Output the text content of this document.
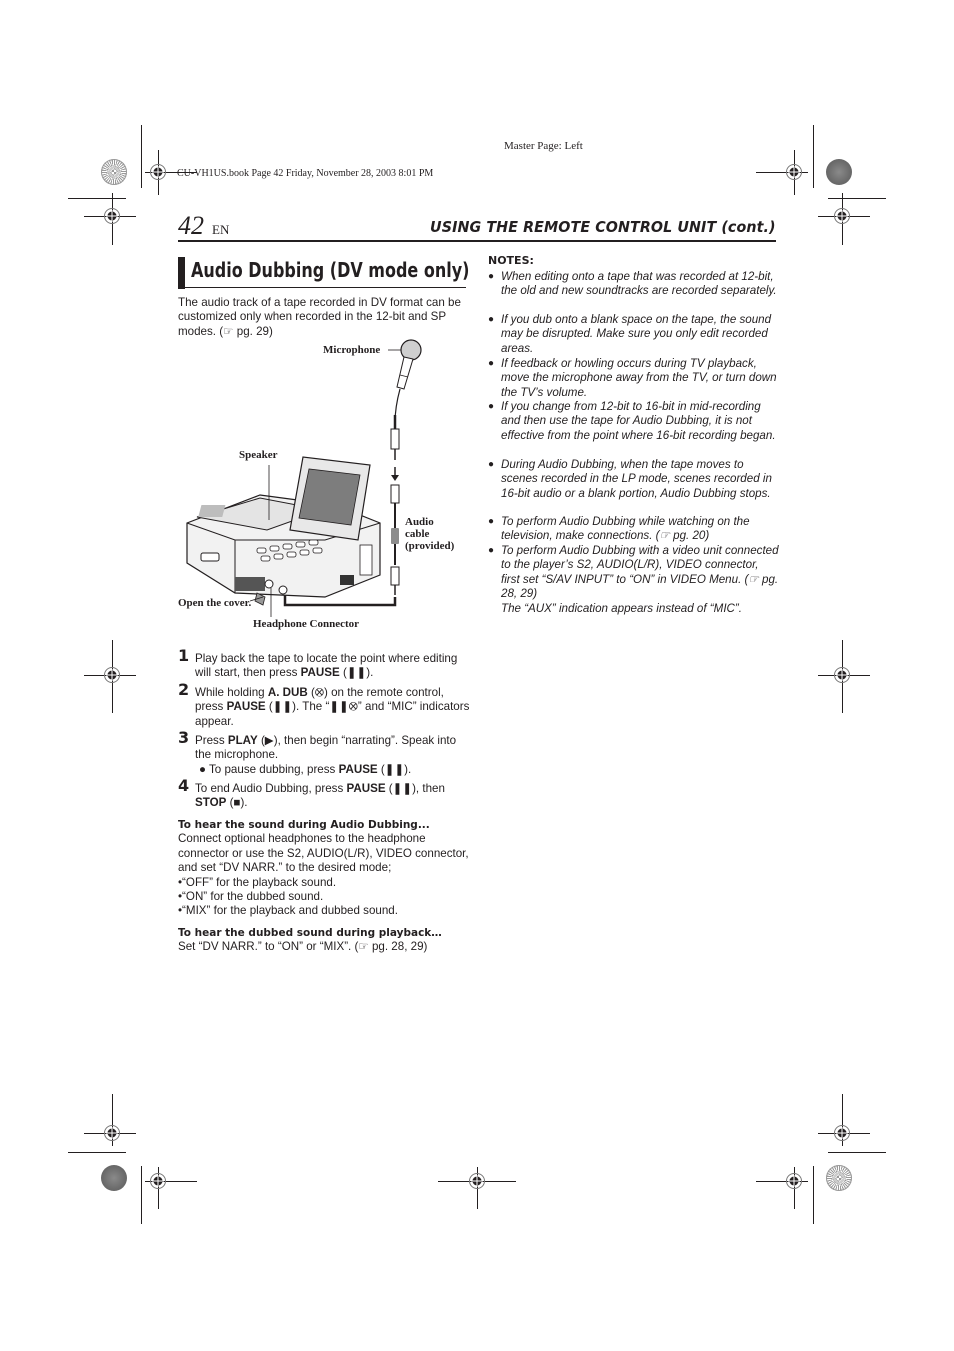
Master Page: Left
CU-VH1US.book Page 42 Friday, November 28, 2003 8:01 PM
42 EN	USING THE REMOTE CONTROL UNIT (cont.)
Audio Dubbing (DV mode only)
The audio track of a tape recorded in DV format can be customized only when recorded in the 12-bit and SP modes. (☞ pg. 29)
Microphone
Speaker
Audio
cable
(provided)
Open the cover.
Headphone Connector
1 Play back the tape to locate the point where editing will start, then press PAUSE (❚❚).
2 While holding A. DUB (⭙) on the remote control, press PAUSE (❚❚). The “❚❚⭙” and “MIC” indicators appear.
3 Press PLAY (▶), then begin “narrating”. Speak into the microphone.
● To pause dubbing, press PAUSE (❚❚).
4 To end Audio Dubbing, press PAUSE (❚❚), then STOP (■).
To hear the sound during Audio Dubbing...
Connect optional headphones to the headphone connector or use the S2, AUDIO(L/R), VIDEO connector, and set “DV NARR.” to the desired mode;
•“OFF” for the playback sound.
•“ON” for the dubbed sound.
•“MIX” for the playback and dubbed sound.
To hear the dubbed sound during playback…
Set “DV NARR.” to “ON” or “MIX”. (☞ pg. 28, 29)
NOTES:
● When editing onto a tape that was recorded at 12-bit, the old and new soundtracks are recorded separately.
● If you dub onto a blank space on the tape, the sound may be disrupted. Make sure you only edit recorded areas.
● If feedback or howling occurs during TV playback, move the microphone away from the TV, or turn down the TV’s volume.
● If you change from 12-bit to 16-bit in mid-recording and then use the tape for Audio Dubbing, it is not effective from the point where 16-bit recording began.
● During Audio Dubbing, when the tape moves to scenes recorded in the LP mode, scenes recorded in 16-bit audio or a blank portion, Audio Dubbing stops.
● To perform Audio Dubbing while watching on the television, make connections. (☞ pg. 20)
● To perform Audio Dubbing with a video unit connected to the player’s S2, AUDIO(L/R), VIDEO connector, first set “S/AV INPUT” to “ON” in VIDEO Menu. (☞ pg. 28, 29)
The “AUX” indication appears instead of “MIC”.
